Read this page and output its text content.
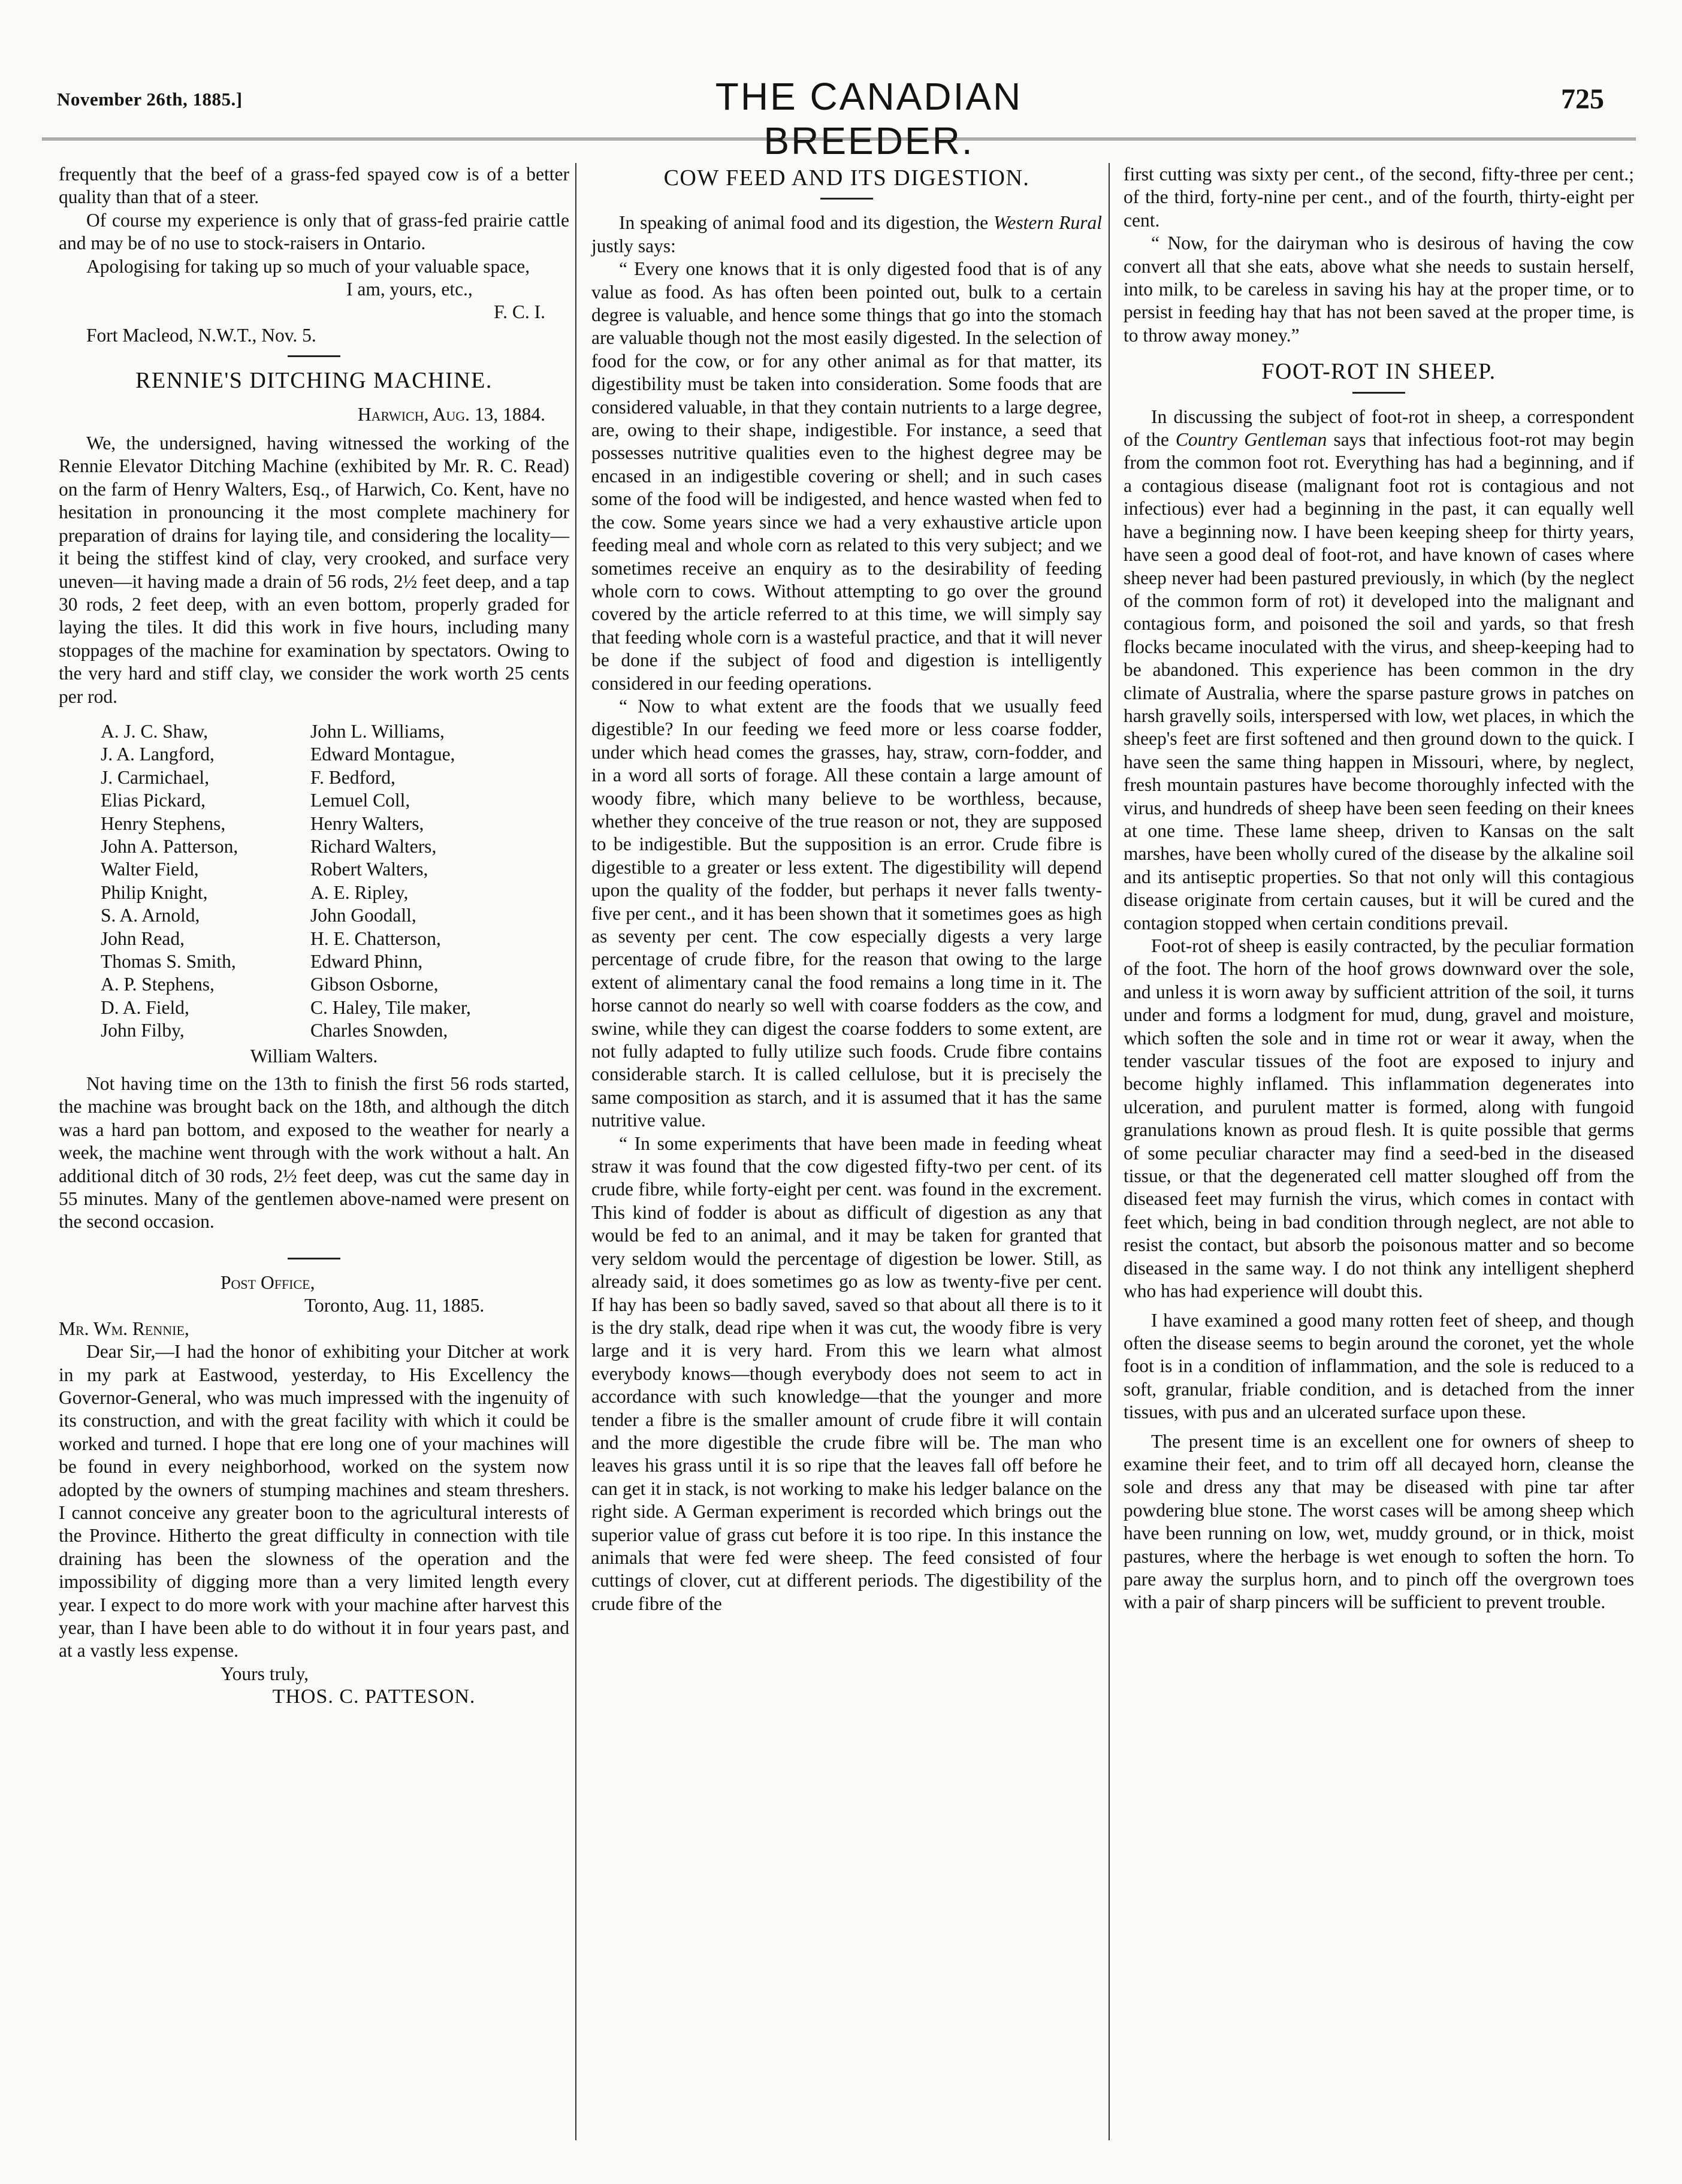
November 26th, 1885.]	THE CANADIAN BREEDER.
725

frequently that the beef of a grass-fed spayed cow is of a better quality than that of a steer.

Of course my experience is only that of grass-fed prairie cattle and may be of no use to stock-raisers in Ontario.

Apologising for taking up so much of your valuable space,

I am, yours, etc.,
F. C. I.

Fort Macleod, N.W.T., Nov. 5.

RENNIE'S DITCHING MACHINE.
Harwich, Aug. 13, 1884.

We, the undersigned, having witnessed the working of the Rennie Elevator Ditching Machine (exhibited by Mr. R. C. Read) on the farm of Henry Walters, Esq., of Harwich, Co. Kent, have no hesitation in pronouncing it the most complete machinery for preparation of drains for laying tile, and considering the locality—it being the stiffest kind of clay, very crooked, and surface very uneven—it having made a drain of 56 rods, 2½ feet deep, and a tap 30 rods, 2 feet deep, with an even bottom, properly graded for laying the tiles. It did this work in five hours, including many stoppages of the machine for examination by spectators. Owing to the very hard and stiff clay, we consider the work worth 25 cents per rod.

A. J. C. Shaw,
J. A. Langford,
J. Carmichael,
Elias Pickard,
Henry Stephens,
John A. Patterson,
Walter Field,
Philip Knight,
S. A. Arnold,
John Read,
Thomas S. Smith,
A. P. Stephens,
D. A. Field,
John Filby,
John L. Williams,
Edward Montague,
F. Bedford,
Lemuel Coll,
Henry Walters,
Richard Walters,
Robert Walters,
A. E. Ripley,
John Goodall,
H. E. Chatterson,
Edward Phinn,
Gibson Osborne,
C. Haley, Tile maker,
Charles Snowden,
William Walters.

Not having time on the 13th to finish the first 56 rods started, the machine was brought back on the 18th, and although the ditch was a hard pan bottom, and exposed to the weather for nearly a week, the machine went through with the work without a halt. An additional ditch of 30 rods, 2½ feet deep, was cut the same day in 55 minutes. Many of the gentlemen above-named were present on the second occasion.

Post Office,
Toronto, Aug. 11, 1885.
Mr. Wm. Rennie,

Dear Sir,—I had the honor of exhibiting your Ditcher at work in my park at Eastwood, yesterday, to His Excellency the Governor-General, who was much impressed with the ingenuity of its construction, and with the great facility with which it could be worked and turned. I hope that ere long one of your machines will be found in every neighborhood, worked on the system now adopted by the owners of stumping machines and steam threshers. I cannot conceive any greater boon to the agricultural interests of the Province. Hitherto the great difficulty in connection with tile draining has been the slowness of the operation and the impossibility of digging more than a very limited length every year. I expect to do more work with your machine after harvest this year, than I have been able to do without it in four years past, and at a vastly less expense.

Yours truly,
THOS. C. PATTESON.
COW FEED AND ITS DIGESTION.

In speaking of animal food and its digestion, the Western Rural justly says:

“ Every one knows that it is only digested food that is of any value as food. As has often been pointed out, bulk to a certain degree is valuable, and hence some things that go into the stomach are valuable though not the most easily digested. In the selection of food for the cow, or for any other animal as for that matter, its digestibility must be taken into consideration. Some foods that are considered valuable, in that they contain nutrients to a large degree, are, owing to their shape, indigestible. For instance, a seed that possesses nutritive qualities even to the highest degree may be encased in an indigestible covering or shell; and in such cases some of the food will be indigested, and hence wasted when fed to the cow. Some years since we had a very exhaustive article upon feeding meal and whole corn as related to this very subject; and we sometimes receive an enquiry as to the desirability of feeding whole corn to cows. Without attempting to go over the ground covered by the article referred to at this time, we will simply say that feeding whole corn is a wasteful practice, and that it will never be done if the subject of food and digestion is intelligently considered in our feeding operations.

“ Now to what extent are the foods that we usually feed digestible? In our feeding we feed more or less coarse fodder, under which head comes the grasses, hay, straw, corn-fodder, and in a word all sorts of forage. All these contain a large amount of woody fibre, which many believe to be worthless, because, whether they conceive of the true reason or not, they are supposed to be indigestible. But the supposition is an error. Crude fibre is digestible to a greater or less extent. The digestibility will depend upon the quality of the fodder, but perhaps it never falls twenty-five per cent., and it has been shown that it sometimes goes as high as seventy per cent. The cow especially digests a very large percentage of crude fibre, for the reason that owing to the large extent of alimentary canal the food remains a long time in it. The horse cannot do nearly so well with coarse fodders as the cow, and swine, while they can digest the coarse fodders to some extent, are not fully adapted to fully utilize such foods. Crude fibre contains considerable starch. It is called cellulose, but it is precisely the same composition as starch, and it is assumed that it has the same nutritive value.

“ In some experiments that have been made in feeding wheat straw it was found that the cow digested fifty-two per cent. of its crude fibre, while forty-eight per cent. was found in the excrement. This kind of fodder is about as difficult of digestion as any that would be fed to an animal, and it may be taken for granted that very seldom would the percentage of digestion be lower. Still, as already said, it does sometimes go as low as twenty-five per cent. If hay has been so badly saved, saved so that about all there is to it is the dry stalk, dead ripe when it was cut, the woody fibre is very large and it is very hard. From this we learn what almost everybody knows—though everybody does not seem to act in accordance with such knowledge—that the younger and more tender a fibre is the smaller amount of crude fibre it will contain and the more digestible the crude fibre will be. The man who leaves his grass until it is so ripe that the leaves fall off before he can get it in stack, is not working to make his ledger balance on the right side. A German experiment is recorded which brings out the superior value of grass cut before it is too ripe. In this instance the animals that were fed were sheep. The feed consisted of four cuttings of clover, cut at different periods. The digestibility of the crude fibre of the

first cutting was sixty per cent., of the second, fifty-three per cent.; of the third, forty-nine per cent., and of the fourth, thirty-eight per cent.

“ Now, for the dairyman who is desirous of having the cow convert all that she eats, above what she needs to sustain herself, into milk, to be careless in saving his hay at the proper time, or to persist in feeding hay that has not been saved at the proper time, is to throw away money.”

FOOT-ROT IN SHEEP.

In discussing the subject of foot-rot in sheep, a correspondent of the Country Gentleman says that infectious foot-rot may begin from the common foot rot. Everything has had a beginning, and if a contagious disease (malignant foot rot is contagious and not infectious) ever had a beginning in the past, it can equally well have a beginning now. I have been keeping sheep for thirty years, have seen a good deal of foot-rot, and have known of cases where sheep never had been pastured previously, in which (by the neglect of the common form of rot) it developed into the malignant and contagious form, and poisoned the soil and yards, so that fresh flocks became inoculated with the virus, and sheep-keeping had to be abandoned. This experience has been common in the dry climate of Australia, where the sparse pasture grows in patches on harsh gravelly soils, interspersed with low, wet places, in which the sheep's feet are first softened and then ground down to the quick. I have seen the same thing happen in Missouri, where, by neglect, fresh mountain pastures have become thoroughly infected with the virus, and hundreds of sheep have been seen feeding on their knees at one time. These lame sheep, driven to Kansas on the salt marshes, have been wholly cured of the disease by the alkaline soil and its antiseptic properties. So that not only will this contagious disease originate from certain causes, but it will be cured and the contagion stopped when certain conditions prevail.

Foot-rot of sheep is easily contracted, by the peculiar formation of the foot. The horn of the hoof grows downward over the sole, and unless it is worn away by sufficient attrition of the soil, it turns under and forms a lodgment for mud, dung, gravel and moisture, which soften the sole and in time rot or wear it away, when the tender vascular tissues of the foot are exposed to injury and become highly inflamed. This inflammation degenerates into ulceration, and purulent matter is formed, along with fungoid granulations known as proud flesh. It is quite possible that germs of some peculiar character may find a seed-bed in the diseased tissue, or that the degenerated cell matter sloughed off from the diseased feet may furnish the virus, which comes in contact with feet which, being in bad condition through neglect, are not able to resist the contact, but absorb the poisonous matter and so become diseased in the same way. I do not think any intelligent shepherd who has had experience will doubt this.

I have examined a good many rotten feet of sheep, and though often the disease seems to begin around the coronet, yet the whole foot is in a condition of inflammation, and the sole is reduced to a soft, granular, friable condition, and is detached from the inner tissues, with pus and an ulcerated surface upon these.

The present time is an excellent one for owners of sheep to examine their feet, and to trim off all decayed horn, cleanse the sole and dress any that may be diseased with pine tar after powdering blue stone. The worst cases will be among sheep which have been running on low, wet, muddy ground, or in thick, moist pastures, where the herbage is wet enough to soften the horn. To pare away the surplus horn, and to pinch off the overgrown toes with a pair of sharp pincers will be sufficient to prevent trouble.
